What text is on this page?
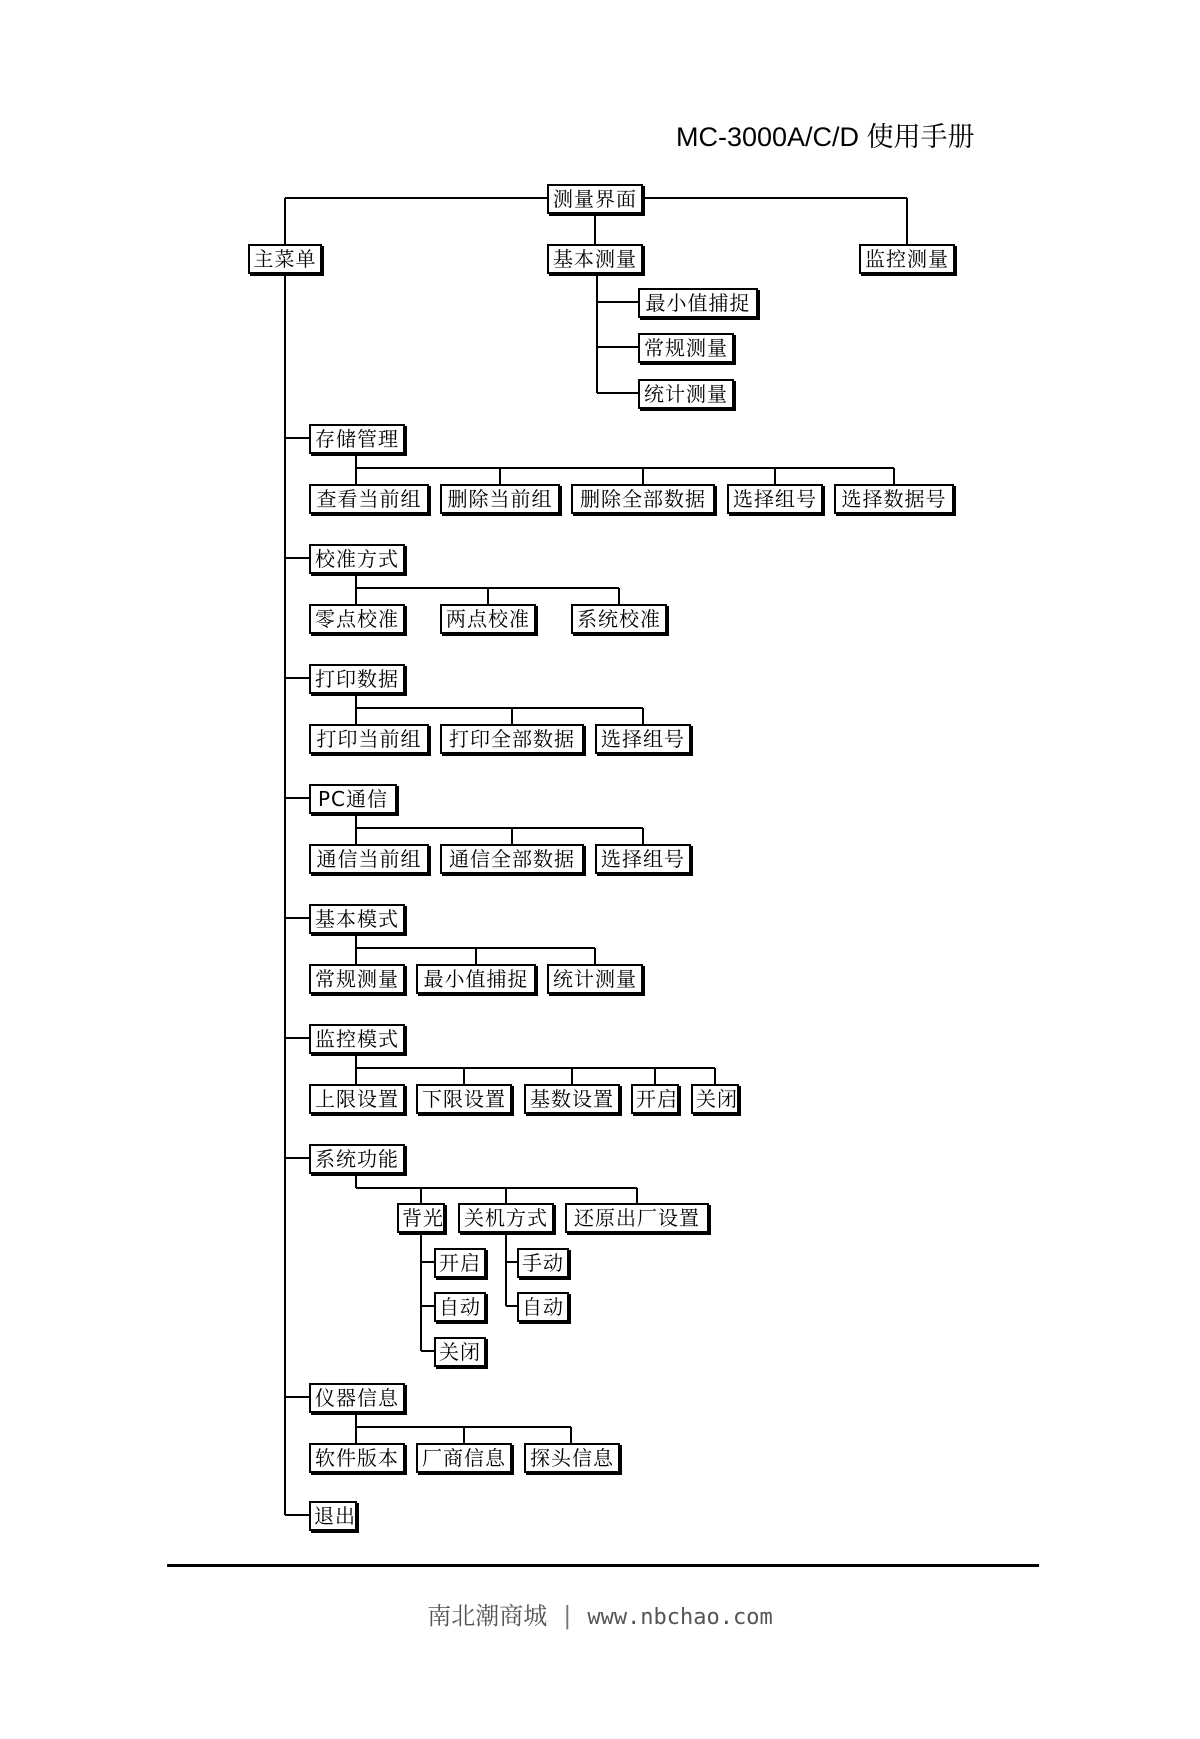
MC-3000A/C/D 使用手册
测量界面
主菜单	基本测量	监控测量
最小值捕捉
常规测量
统计测量
存储管理
查看当前组	删除当前组	删除全部数据	选择组号	选择数据号
校准方式
零点校准	两点校准	系统校准
打印数据
打印当前组	打印全部数据	选择组号
PC通信
通信当前组	通信全部数据	选择组号
基本模式
常规测量	最小值捕捉	统计测量
监控模式
上限设置	下限设置	基数设置	开启 关闭
系统功能
背光	关机方式	还原出厂设置
开启
自动
关闭
手动
自动
仪器信息
软件版本	厂商信息	探头信息
退出
南北潮商城 | www.nbchao.com
